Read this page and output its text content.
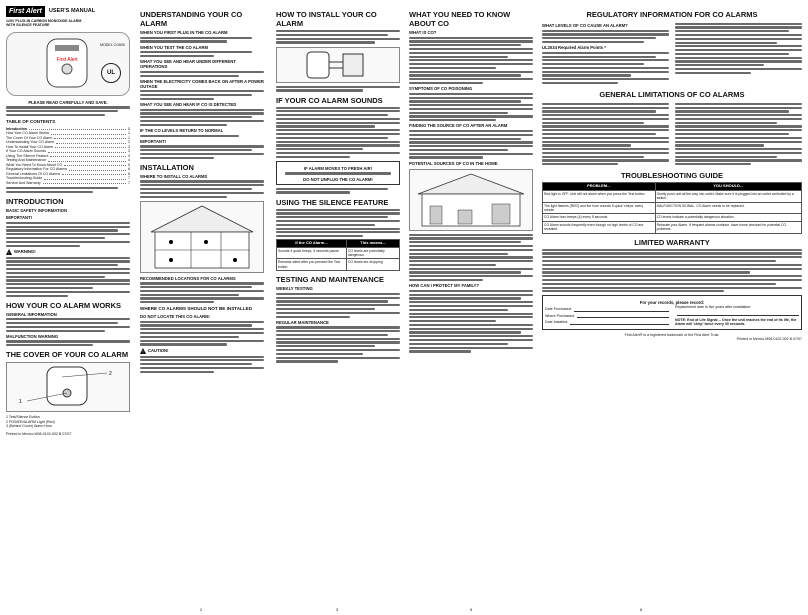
First Alert	USER'S MANUAL
120V PLUG-IN CARBON MONOXIDE ALARM
WITH SILENCE FEATURE
First Alert
MODEL CO600
UL
PLEASE READ CAREFULLY AND SAVE.
TABLE OF CONTENTS
Introduction	1
How Your CO Alarm Works	1
The Cover Of Your CO Alarm	1
Understanding Your CO Alarm	2
How To Install Your CO Alarm	3
If Your CO Alarm Sounds	3
Using The Silence Feature	4
Testing And Maintenance	4
What You Need To Know About CO	5
Regulatory Information For CO Alarms	6
General Limitations Of CO Alarms	6
Troubleshooting Guide	7
Service And Warranty	7
INTRODUCTION
BASIC SAFETY INFORMATION
IMPORTANT!
! WARNING!
HOW YOUR CO ALARM WORKS
GENERAL INFORMATION
MALFUNCTION WARNING
THE COVER OF YOUR CO ALARM
1
2
1 Test/Silence Button
2 POWER/ALARM Light (Red)
3 (Behind Cover) Alarm Horn
Printed in Mexico M08-0102-002 B 07/07
UNDERSTANDING YOUR CO ALARM
WHEN YOU FIRST PLUG IN THE CO ALARM
WHEN YOU TEST THE CO ALARM
WHAT YOU SEE AND HEAR UNDER DIFFERENT OPERATIONS
WHEN THE ELECTRICITY COMES BACK ON AFTER A POWER OUTAGE
WHAT YOU SEE AND HEAR IF CO IS DETECTED
IF THE CO LEVELS RETURN TO NORMAL
IMPORTANT!
INSTALLATION
WHERE TO INSTALL CO ALARMS
RECOMMENDED LOCATIONS FOR CO ALARMS
WHERE CO ALARMS SHOULD NOT BE INSTALLED
DO NOT LOCATE THIS CO ALARM:
! CAUTION!
HOW TO INSTALL YOUR CO ALARM
IF YOUR CO ALARM SOUNDS
IF ALARM MOVES TO FRESH AIR!
DO NOT UNPLUG THE CO ALARM!
USING THE SILENCE FEATURE
If the CO Alarm...	This means...
Sounds 4 quick beeps, 5 seconds pause	CO levels are potentially dangerous
Remains silent after you pressed the Test button	CO levels are dropping
TESTING AND MAINTENANCE
WEEKLY TESTING
REGULAR MAINTENANCE
WHAT YOU NEED TO KNOW ABOUT CO
WHAT IS CO?
SYMPTOMS OF CO POISONING
FINDING THE SOURCE OF CO AFTER AN ALARM
POTENTIAL SOURCES OF CO IN THE HOME
HOW CAN I PROTECT MY FAMILY?
REGULATORY INFORMATION FOR CO ALARMS
WHAT LEVELS OF CO CAUSE AN ALARM?
UL2034 Required Alarm Points *
GENERAL LIMITATIONS OF CO ALARMS
TROUBLESHOOTING GUIDE
PROBLEM...	YOU SHOULD...
Red light is OFF. Unit will not alarm when you press the Test button	Gently push unit all the way into outlet. Make sure it is plugged into an outlet controlled by a switch.
The light flashes (RED) and the horn sounds 5 quick 'chirps' every minute	MALFUNCTION SIGNAL. CO Alarm needs to be replaced.
CO Alarm horn beeps (4) every 5 seconds	CO levels indicate a potentially dangerous situation.
CO Alarm sounds frequently even though no high levels of CO are revealed	Relocate your Alarm. If frequent alarms continue, have home checked for potential CO problems.
LIMITED WARRANTY
For your records, please record:
Date Purchased:
Where Purchased:
Date Installed:
Replacement date is five years after installation:
NOTE: End of Life Signal -- Once the unit reaches the end of its life, the Alarm will 'chirp' twice every 30 seconds.
First Alert® is a registered trademark of the First Alert Trust.
Printed in Mexico M08-0102-002 B 07/07
2	3	5	6
